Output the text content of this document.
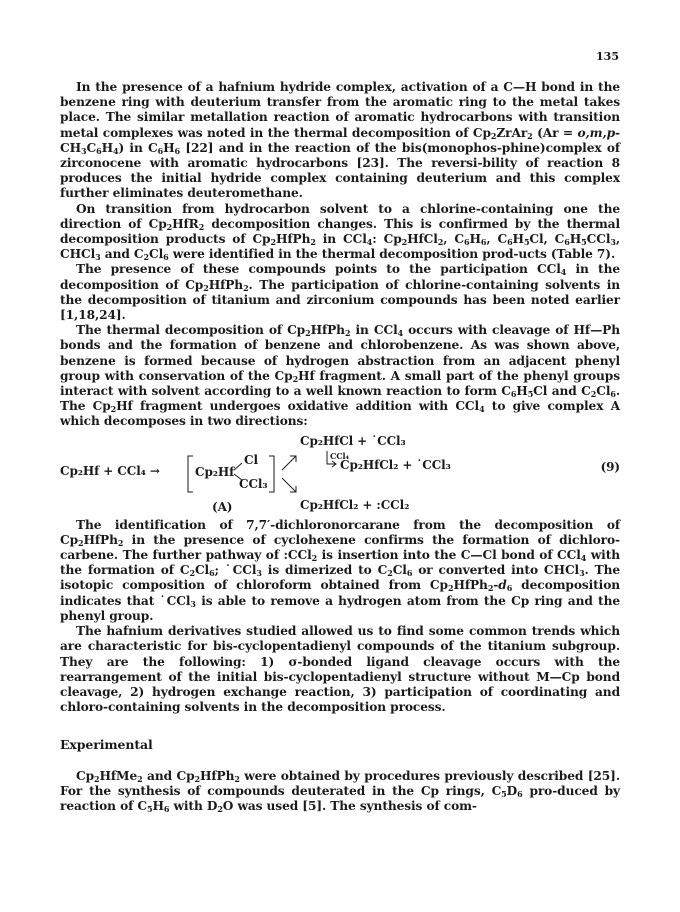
135

In the presence of a hafnium hydride complex, activation of a C—H bond in the benzene ring with deuterium transfer from the aromatic ring to the metal takes place. The similar metallation reaction of aromatic hydrocarbons with transition metal complexes was noted in the thermal decomposition of $Cp_2ZrAr_2$ $(Ar = o,m,p-CH_3C_6H_4)$ in $C_6H_6$ [22] and in the reaction of the bis(monophos-phine)complex of zirconocene with aromatic hydrocarbons [23]. The reversi-bility of reaction 8 produces the initial hydride complex containing deuterium and this complex further eliminates deuteromethane.

On transition from hydrocarbon solvent to a chlorine-containing one the direction of $Cp_2HfR_2$ decomposition changes. This is confirmed by the thermal decomposition products of $Cp_2HfPh_2$ in CCl$_4$: $Cp_2HfCl_2$, $C_6H_6$, $C_6H_5Cl$, $C_6H_5CCl_3$, CHCl$_3$ and $C_2Cl_6$ were identified in the thermal decomposition prod-ucts (Table 7).

The presence of these compounds points to the participation CCl$_4$ in the decomposition of $Cp_2HfPh_2$. The participation of chlorine-containing solvents in the decomposition of titanium and zirconium compounds has been noted earlier [1,18,24].

The thermal decomposition of $Cp_2HfPh_2$ in CCl$_4$ occurs with cleavage of Hf—Ph bonds and the formation of benzene and chlorobenzene. As was shown above, benzene is formed because of hydrogen abstraction from an adjacent phenyl group with conservation of the $Cp_2Hf$ fragment. A small part of the phenyl groups interact with solvent according to a well known reaction to form $C_6H_5Cl$ and $C_2Cl_6$. The $Cp_2Hf$ fragment undergoes oxidative addition with CCl$_4$ to give complex A which decomposes in two directions:

Cp₂Hf + CCl₄ →	Cp₂Hf
Cl
CCl₃
(A)
Cp₂HfCl + ˙CCl₃
CCl₄
Cp₂HfCl₂ + ˙CCl₃
Cp₂HfCl₂ + :CCl₂
(9)

The identification of 7,7′-dichloronorcarane from the decomposition of $Cp_2HfPh_2$ in the presence of cyclohexene confirms the formation of dichloro-carbene. The further pathway of :CCl$_2$ is insertion into the C—Cl bond of CCl$_4$ with the formation of $C_2Cl_6$; ˙CCl$_3$ is dimerized to $C_2Cl_6$ or converted into CHCl$_3$. The isotopic composition of chloroform obtained from $Cp_2HfPh_2-d_6$ decomposition indicates that ˙CCl$_3$ is able to remove a hydrogen atom from the Cp ring and the phenyl group.

The hafnium derivatives studied allowed us to find some common trends which are characteristic for bis-cyclopentadienyl compounds of the titanium subgroup. They are the following: 1) σ-bonded ligand cleavage occurs with the rearrangement of the initial bis-cyclopentadienyl structure without M—Cp bond cleavage, 2) hydrogen exchange reaction, 3) participation of coordinating and chloro-containing solvents in the decomposition process.

Experimental

$Cp_2HfMe_2$ and $Cp_2HfPh_2$ were obtained by procedures previously described [25]. For the synthesis of compounds deuterated in the Cp rings, $C_5D_6$ pro-duced by reaction of $C_5H_6$ with $D_2O$ was used [5]. The synthesis of com-
